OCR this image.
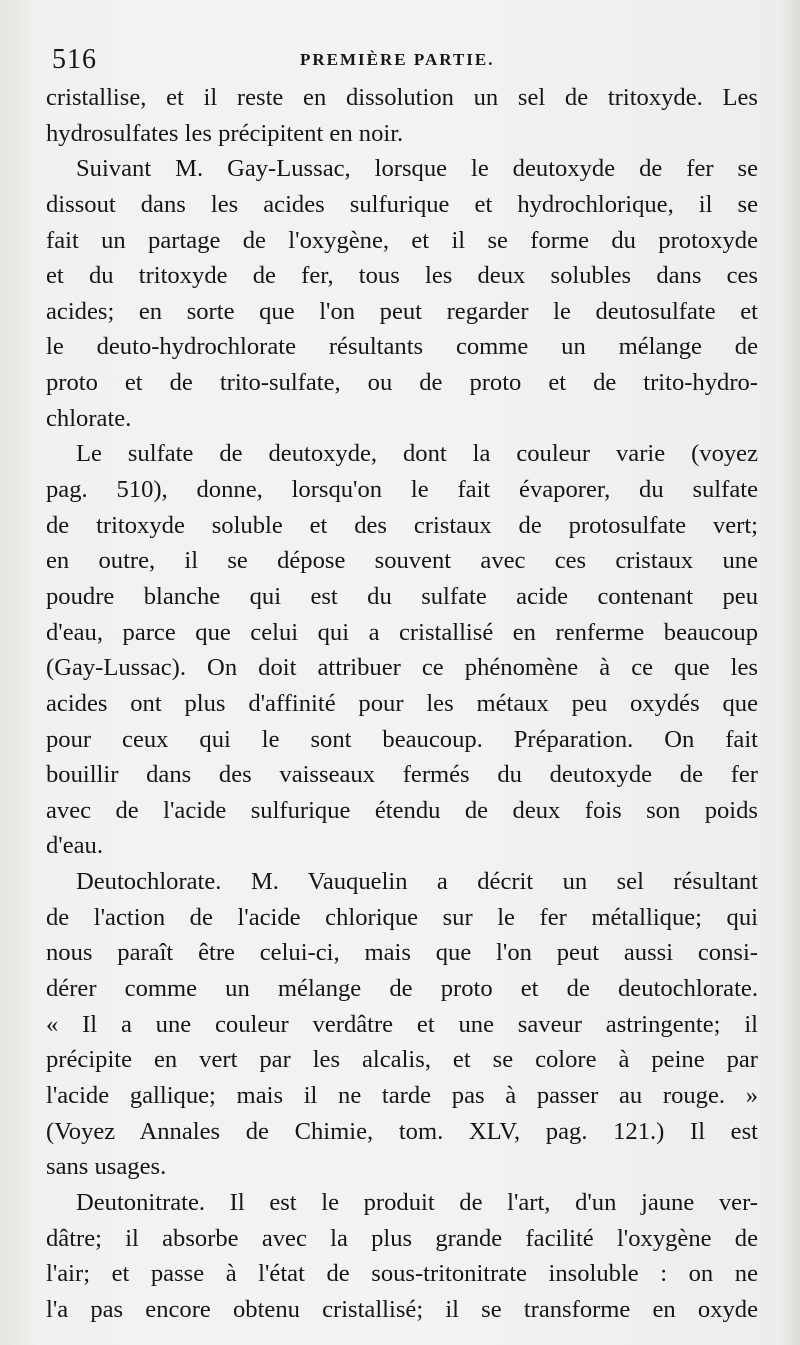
516	PREMIÈRE PARTIE.
cristallise, et il reste en dissolution un sel de tritoxyde. Les
hydrosulfates les précipitent en noir.
Suivant M. Gay-Lussac, lorsque le deutoxyde de fer se
dissout dans les acides sulfurique et hydrochlorique, il se
fait un partage de l'oxygène, et il se forme du protoxyde
et du tritoxyde de fer, tous les deux solubles dans ces
acides; en sorte que l'on peut regarder le deutosulfate et
le deuto-hydrochlorate résultants comme un mélange de
proto et de trito-sulfate, ou de proto et de trito-hydro-
chlorate.
Le sulfate de deutoxyde, dont la couleur varie (voyez
pag. 510), donne, lorsqu'on le fait évaporer, du sulfate
de tritoxyde soluble et des cristaux de protosulfate vert;
en outre, il se dépose souvent avec ces cristaux une
poudre blanche qui est du sulfate acide contenant peu
d'eau, parce que celui qui a cristallisé en renferme beaucoup
(Gay-Lussac). On doit attribuer ce phénomène à ce que les
acides ont plus d'affinité pour les métaux peu oxydés que
pour ceux qui le sont beaucoup. Préparation. On fait
bouillir dans des vaisseaux fermés du deutoxyde de fer
avec de l'acide sulfurique étendu de deux fois son poids
d'eau.
Deutochlorate. M. Vauquelin a décrit un sel résultant
de l'action de l'acide chlorique sur le fer métallique; qui
nous paraît être celui-ci, mais que l'on peut aussi consi-
dérer comme un mélange de proto et de deutochlorate.
« Il a une couleur verdâtre et une saveur astringente; il
précipite en vert par les alcalis, et se colore à peine par
l'acide gallique; mais il ne tarde pas à passer au rouge. »
(Voyez Annales de Chimie, tom. XLV, pag. 121.) Il est
sans usages.
Deutonitrate. Il est le produit de l'art, d'un jaune ver-
dâtre; il absorbe avec la plus grande facilité l'oxygène de
l'air; et passe à l'état de sous-tritonitrate insoluble : on ne
l'a pas encore obtenu cristallisé; il se transforme en oxyde
